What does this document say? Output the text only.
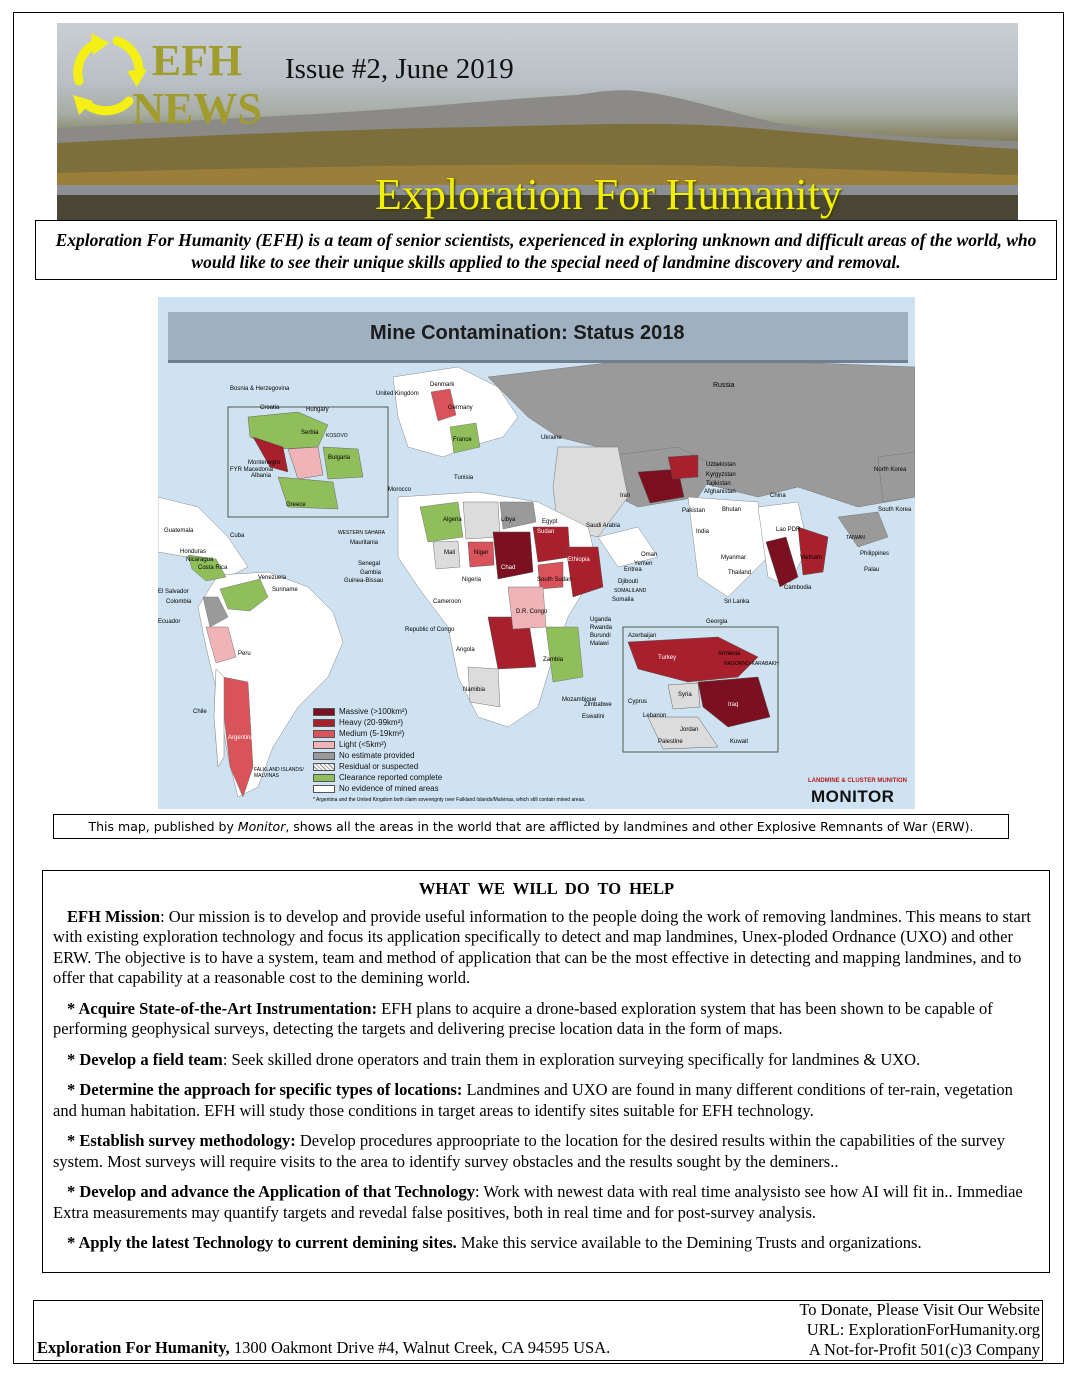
EFH
NEWS
Issue #2, June 2019
Exploration For Humanity
Exploration For Humanity (EFH) is a team of senior scientists, experienced in exploring unknown and difficult areas of the world, who would like to see their unique skills applied to the special need of landmine discovery and removal.
Mine Contamination: Status 2018
Russia
United Kingdom
Denmark
Germany
France	Ukraine
Bosnia & Herzegovina
Croatia	Hungary
Serbia KOSOVO
Bulgaria
Montenegro
Albania
FYR Macedonia
Greece
Morocco
Tunisia
Algeria	Libya	Egypt
Mali	Niger
Chad
Sudan
South Sudan
Ethiopia
Somalia
Eritrea
Djibouti
Nigeria
Cameroon
Republic of Congo
D.R. Congo
Angola
Zambia
Namibia
Zimbabwe
Mozambique
Eswatini
Uganda
Rwanda
Burundi
Malawi
Mauritania
Senegal
Gambia
Guinea-Bissau
WESTERN SAHARA
Saudi Arabia
Oman
Yemen
SOMALILAND
Iran
Afghanistan
Pakistan
India
Sri Lanka
Tajikistan
Uzbekistan
Kyrgyzstan
China
Bhutan
Lao PDR
Myanmar
Thailand
Cambodia
Vietnam
Philippines
Palau
North Korea
South Korea
TAIWAN
Cuba
Guatemala
Honduras
Nicaragua
Costa Rica
El Salvador
Colombia
Venezuela
Suriname
Ecuador
Peru
Chile
Argentina*
FALKLAND ISLANDS/ MALVINAS
Azerbaijan
Georgia
Armenia
NAGORNO-KARABAKH
Turkey
Syria
Iraq
Cyprus
Lebanon
Jordan
Palestine	Kuwait
Massive (>100km²)
Heavy (20-99km²)
Medium (5-19km²)
Light (<5km²)
No estimate provided
Residual or suspected
Clearance reported complete
No evidence of mined areas
* Argentina and the United Kingdom both claim sovereignty over Falkland Islands/Malvinas, which still contain mined areas.
LANDMINE & CLUSTER MUNITION
MONITOR
This map, published by Monitor, shows all the areas in the world that are afflicted by landmines and other Explosive Remnants of War (ERW).
WHAT WE WILL DO TO HELP

EFH Mission: Our mission is to develop and provide useful information to the people doing the work of removing landmines. This means to start with existing exploration technology and focus its application specifically to detect and map landmines, Unex-ploded Ordnance (UXO) and other ERW. The objective is to have a system, team and method of application that can be the most effective in detecting and mapping landmines, and to offer that capability at a reasonable cost to the demining world.

* Acquire State-of-the-Art Instrumentation: EFH plans to acquire a drone-based exploration system that has been shown to be capable of performing geophysical surveys, detecting the targets and delivering precise location data in the form of maps.

* Develop a field team: Seek skilled drone operators and train them in exploration surveying specifically for landmines & UXO.

* Determine the approach for specific types of locations: Landmines and UXO are found in many different conditions of ter-rain, vegetation and human habitation. EFH will study those conditions in target areas to identify sites suitable for EFH technology.

* Establish survey methodology: Develop procedures approopriate to the location for the desired results within the capabilities of the survey system. Most surveys will require visits to the area to identify survey obstacles and the results sought by the deminers..

* Develop and advance the Application of that Technology: Work with newest data with real time analysisto see how AI will fit in.. Immediae Extra measurements may quantify targets and revedal false positives, both in real time and for post-survey analysis.

* Apply the latest Technology to current demining sites. Make this service available to the Demining Trusts and organizations.

Exploration For Humanity, 1300 Oakmont Drive #4, Walnut Creek, CA 94595 USA.
To Donate, Please Visit Our Website
URL: ExplorationForHumanity.org
A Not-for-Profit 501(c)3 Company
